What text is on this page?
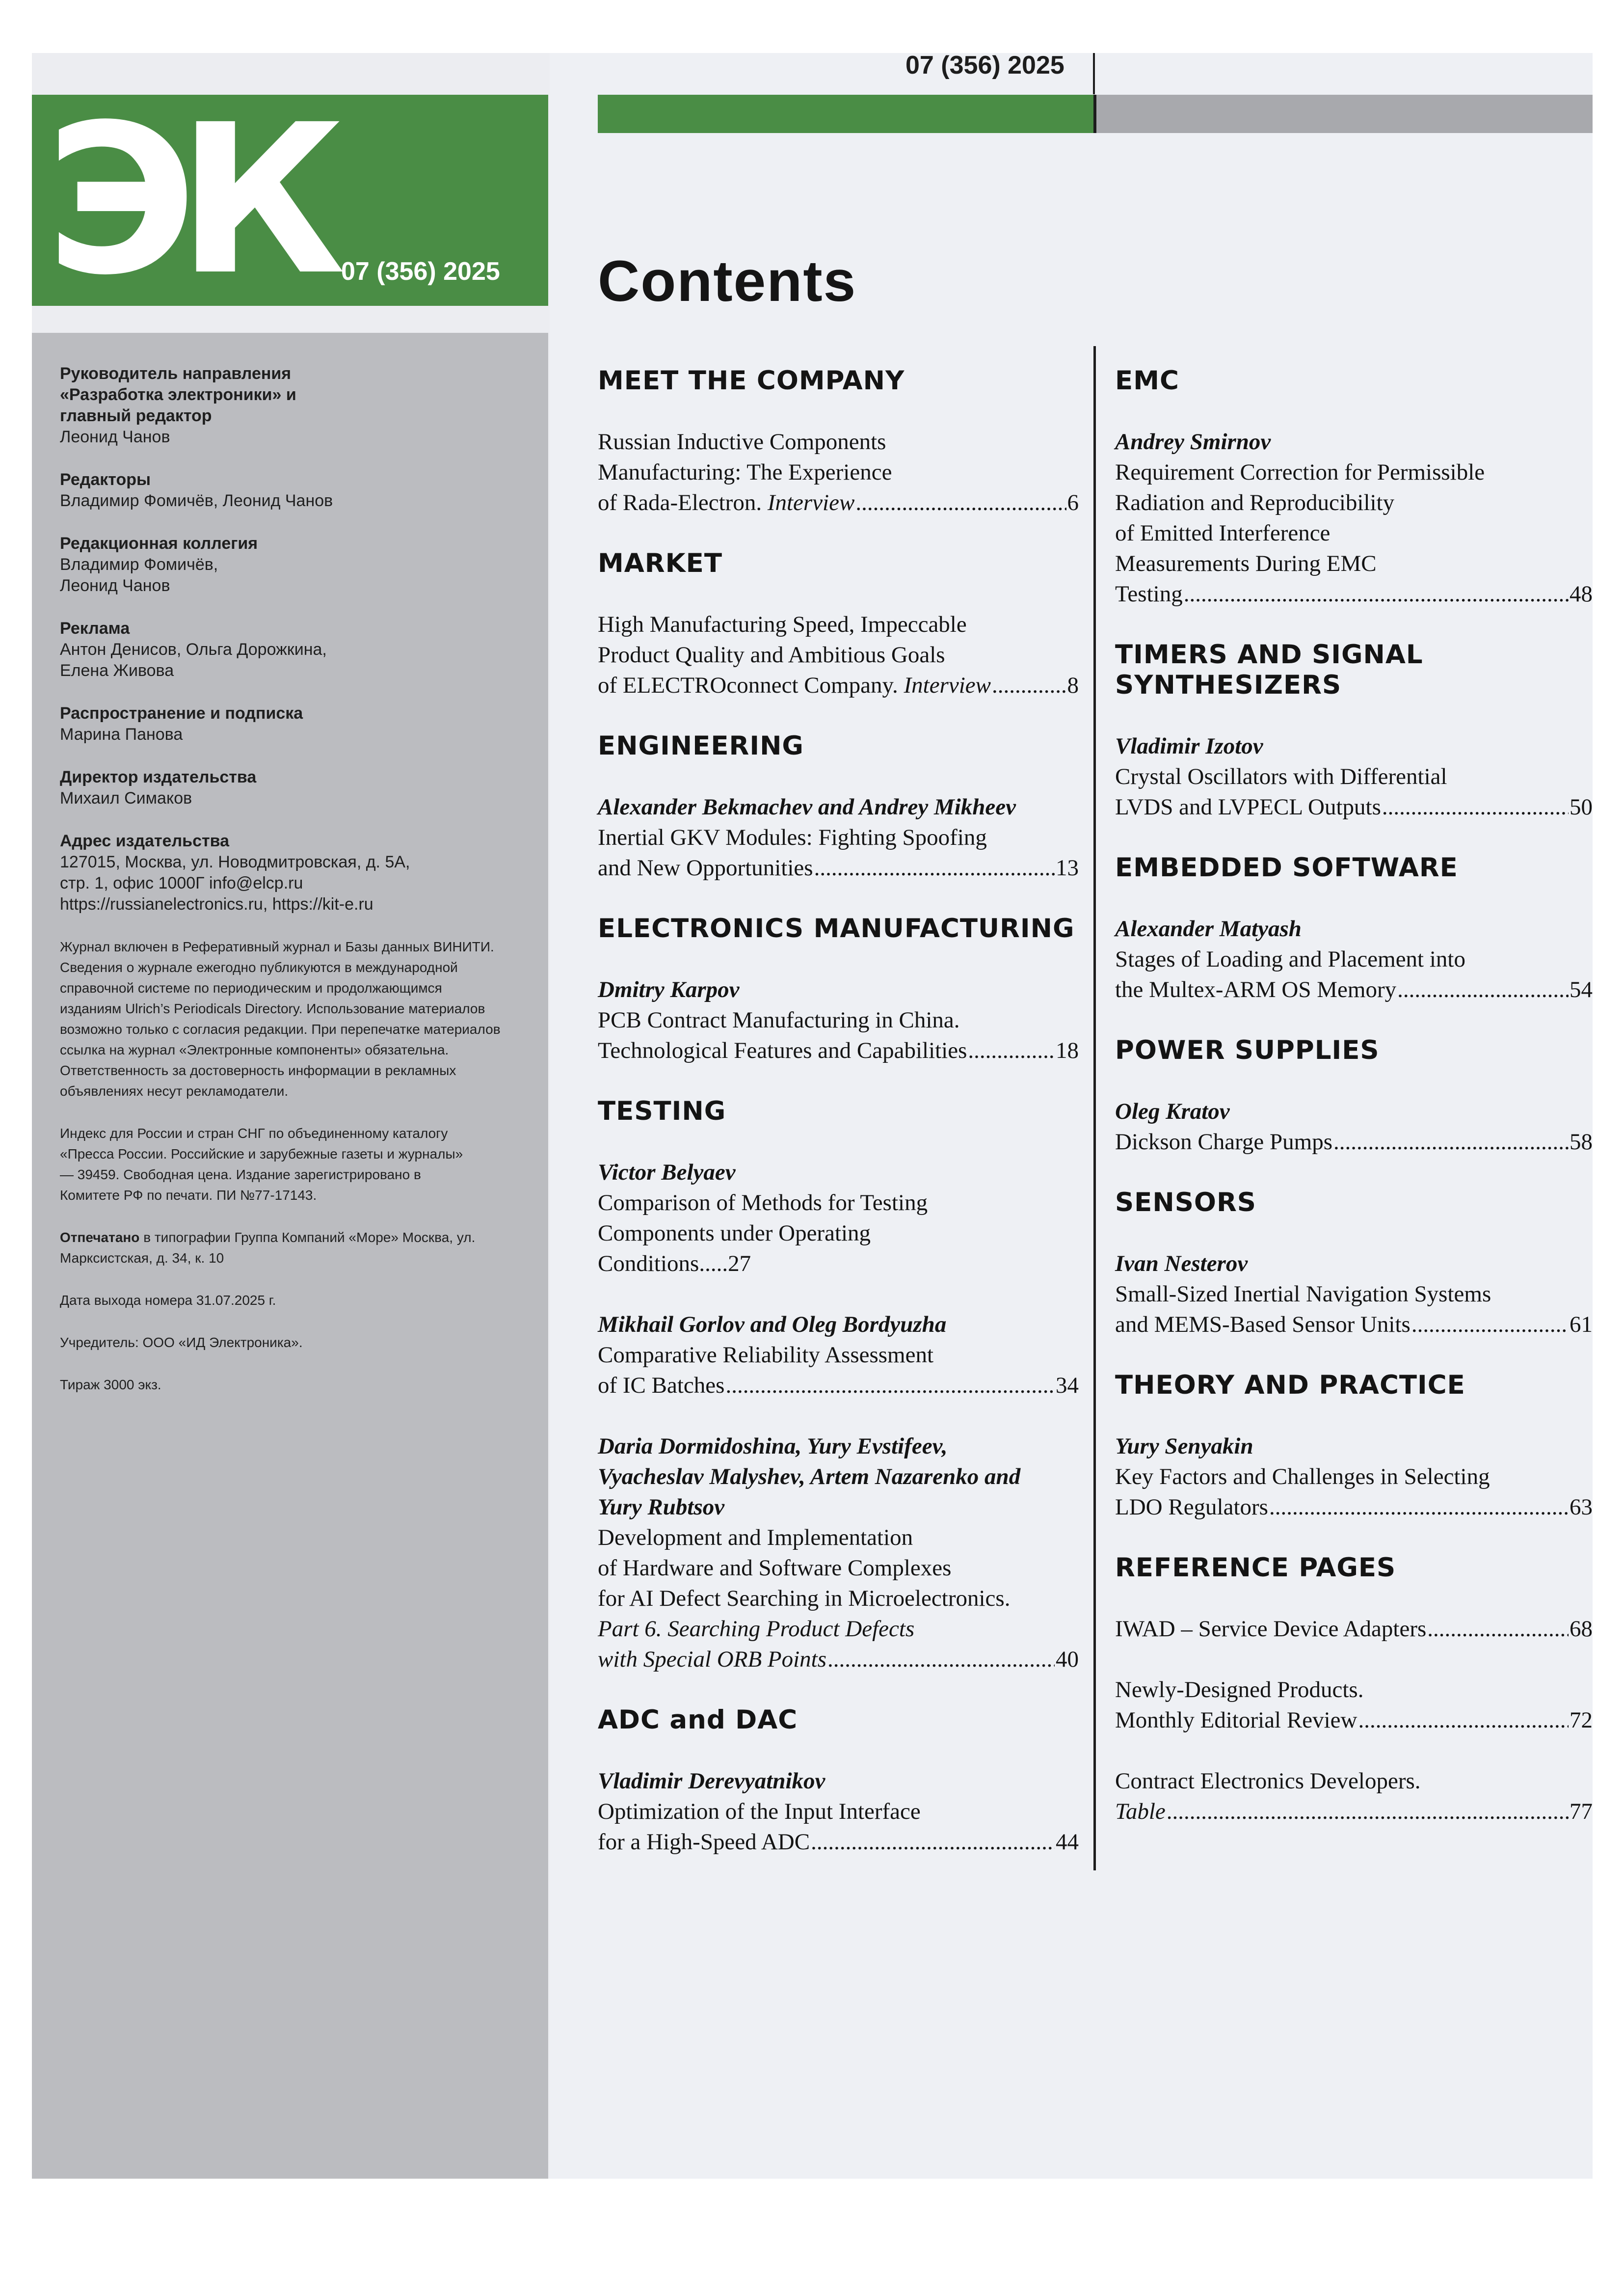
ЭК 07 (356) 2025
07 (356) 2025
Contents
Руководитель направления «Разработка электроники» и главный редактор
Леонид Чанов
Редакторы
Владимир Фомичёв, Леонид Чанов
Редакционная коллегия
Владимир Фомичёв, Леонид Чанов
Реклама
Антон Денисов, Ольга Дорожкина, Елена Живова
Распространение и подписка
Марина Панова
Директор издательства
Михаил Симаков
Адрес издательства
127015, Москва, ул. Новодмитровская, д. 5А, стр. 1, офис 1000Г info@elcp.ru https://russianelectronics.ru, https://kit-e.ru
Журнал включен в Реферативный журнал и Базы данных ВИНИТИ. Сведения о журнале ежегодно публикуются в международной справочной системе по периодическим и продолжающимся изданиям Ulrich’s Periodicals Directory. Использование материалов возможно только с согласия редакции. При перепечатке материалов ссылка на журнал «Электронные компоненты» обязательна. Ответственность за достоверность информации в рекламных объявлениях несут рекламодатели.
Индекс для России и стран СНГ по объединенному каталогу «Пресса России. Российские и зарубежные газеты и журналы» — 39459. Свободная цена. Издание зарегистрировано в Комитете РФ по печати. ПИ №77-17143.
Отпечатано в типографии Группа Компаний «Море» Москва, ул. Марксистская, д. 34, к. 10
Дата выхода номера 31.07.2025 г.
Учредитель: ООО «ИД Электроника».
Тираж 3000 экз.
MEET THE COMPANY
Russian Inductive Components
Manufacturing: The Experience
of Rada-Electron. Interview .....	6
MARKET
High Manufacturing Speed, Impeccable
Product Quality and Ambitious Goals
of ELECTROconnect Company. Interview .....	8
ENGINEERING
Alexander Bekmachev and Andrey Mikheev
Inertial GKV Modules: Fighting Spoofing
and New Opportunities .....	13
ELECTRONICS MANUFACTURING
Dmitry Karpov
PCB Contract Manufacturing in China.
Technological Features and Capabilities .....	18
TESTING
Victor Belyaev
Comparison of Methods for Testing
Components under Operating
Conditions.....27
Mikhail Gorlov and Oleg Bordyuzha
Comparative Reliability Assessment
of IC Batches .....	34
Daria Dormidoshina, Yury Evstifeev, Vyacheslav Malyshev, Artem Nazarenko and Yury Rubtsov
Development and Implementation
of Hardware and Software Complexes
for AI Defect Searching in Microelectronics.
Part 6. Searching Product Defects
with Special ORB Points .....	40
ADC and DAC
Vladimir Derevyatnikov
Optimization of the Input Interface
for a High-Speed ADC .....	44
EMC
Andrey Smirnov
Requirement Correction for Permissible
Radiation and Reproducibility
of Emitted Interference
Measurements During EMC
Testing .....	48
TIMERS AND SIGNAL SYNTHESIZERS
Vladimir Izotov
Crystal Oscillators with Differential
LVDS and LVPECL Outputs .....	50
EMBEDDED SOFTWARE
Alexander Matyash
Stages of Loading and Placement into
the Multex-ARM OS Memory .....	54
POWER SUPPLIES
Oleg Kratov
Dickson Charge Pumps .....	58
SENSORS
Ivan Nesterov
Small-Sized Inertial Navigation Systems
and MEMS-Based Sensor Units .....	61
THEORY AND PRACTICE
Yury Senyakin
Key Factors and Challenges in Selecting
LDO Regulators .....	63
REFERENCE PAGES
IWAD – Service Device Adapters .....	68
Newly-Designed Products.
Monthly Editorial Review .....	72
Contract Electronics Developers.
Table .....	77
